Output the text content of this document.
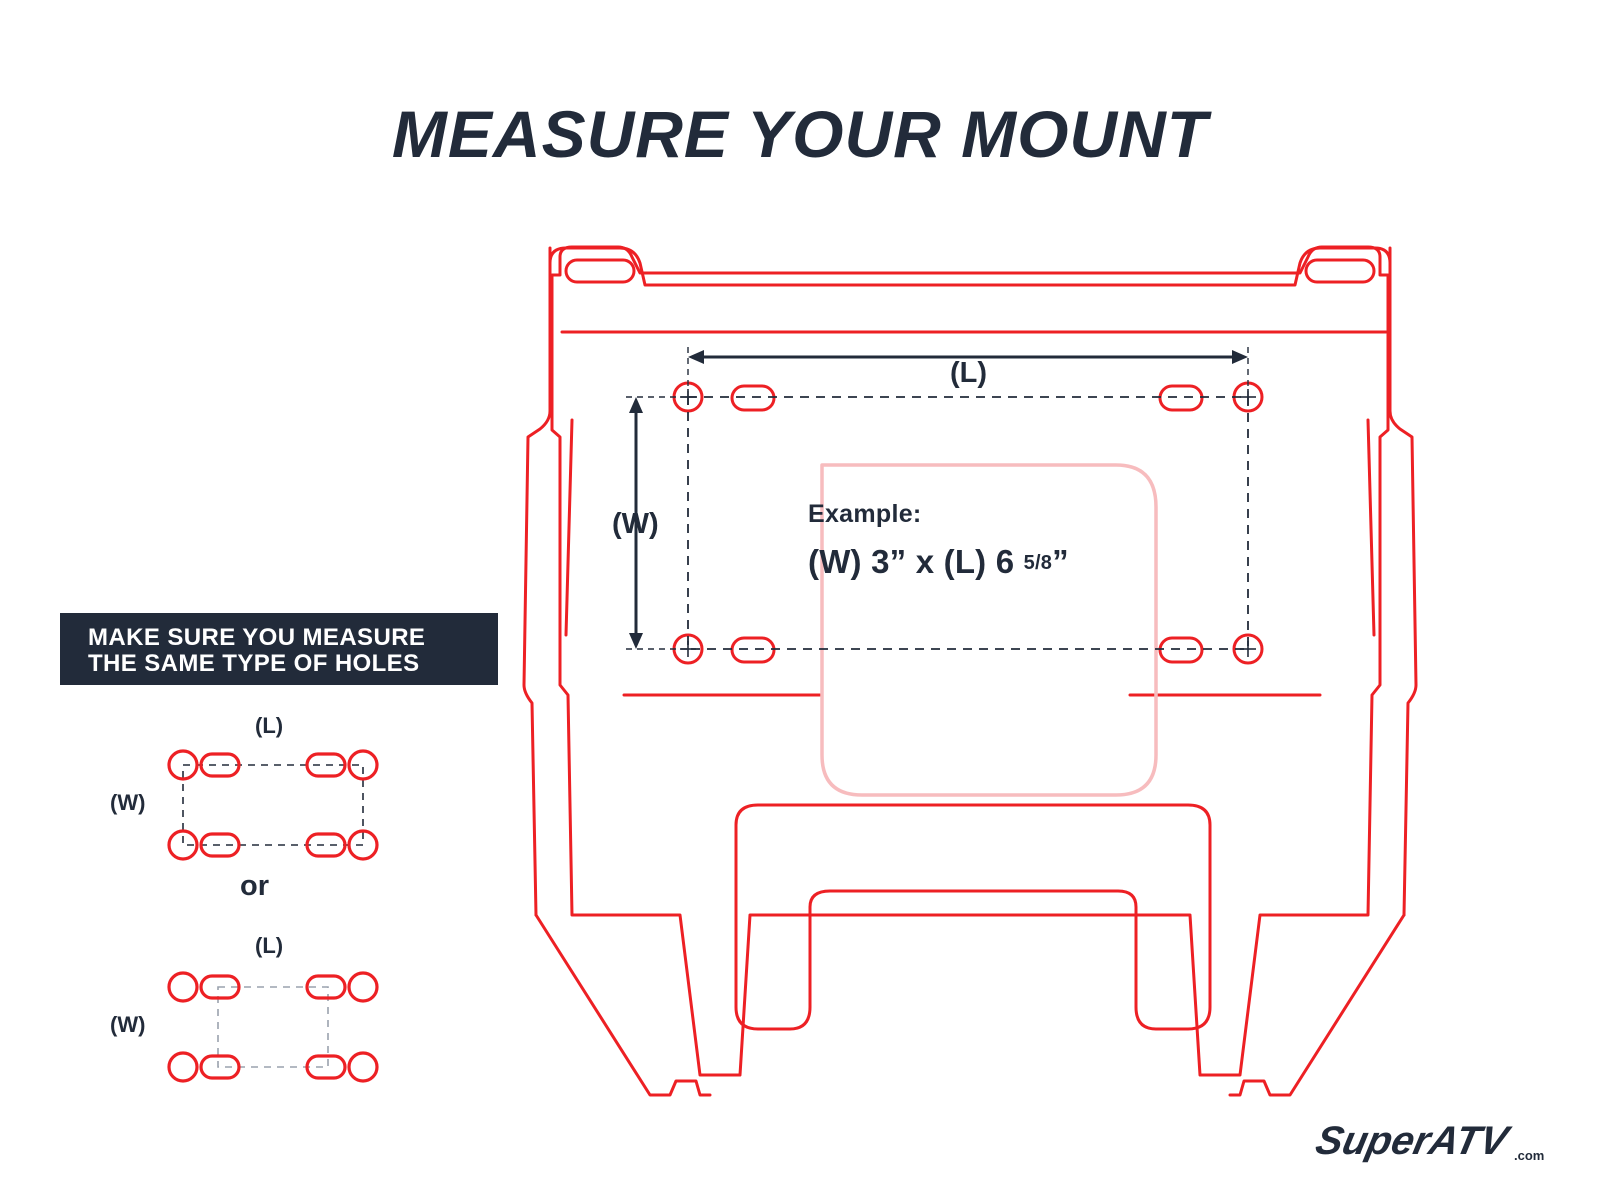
MEASURE YOUR MOUNT
MAKE SURE YOU MEASURE
THE SAME TYPE OF HOLES
(L)
(W)
or
(L)
(W)
(L)
(W)	Example:
(W) 3” x (L) 6 5/8”
SuperATV .com
